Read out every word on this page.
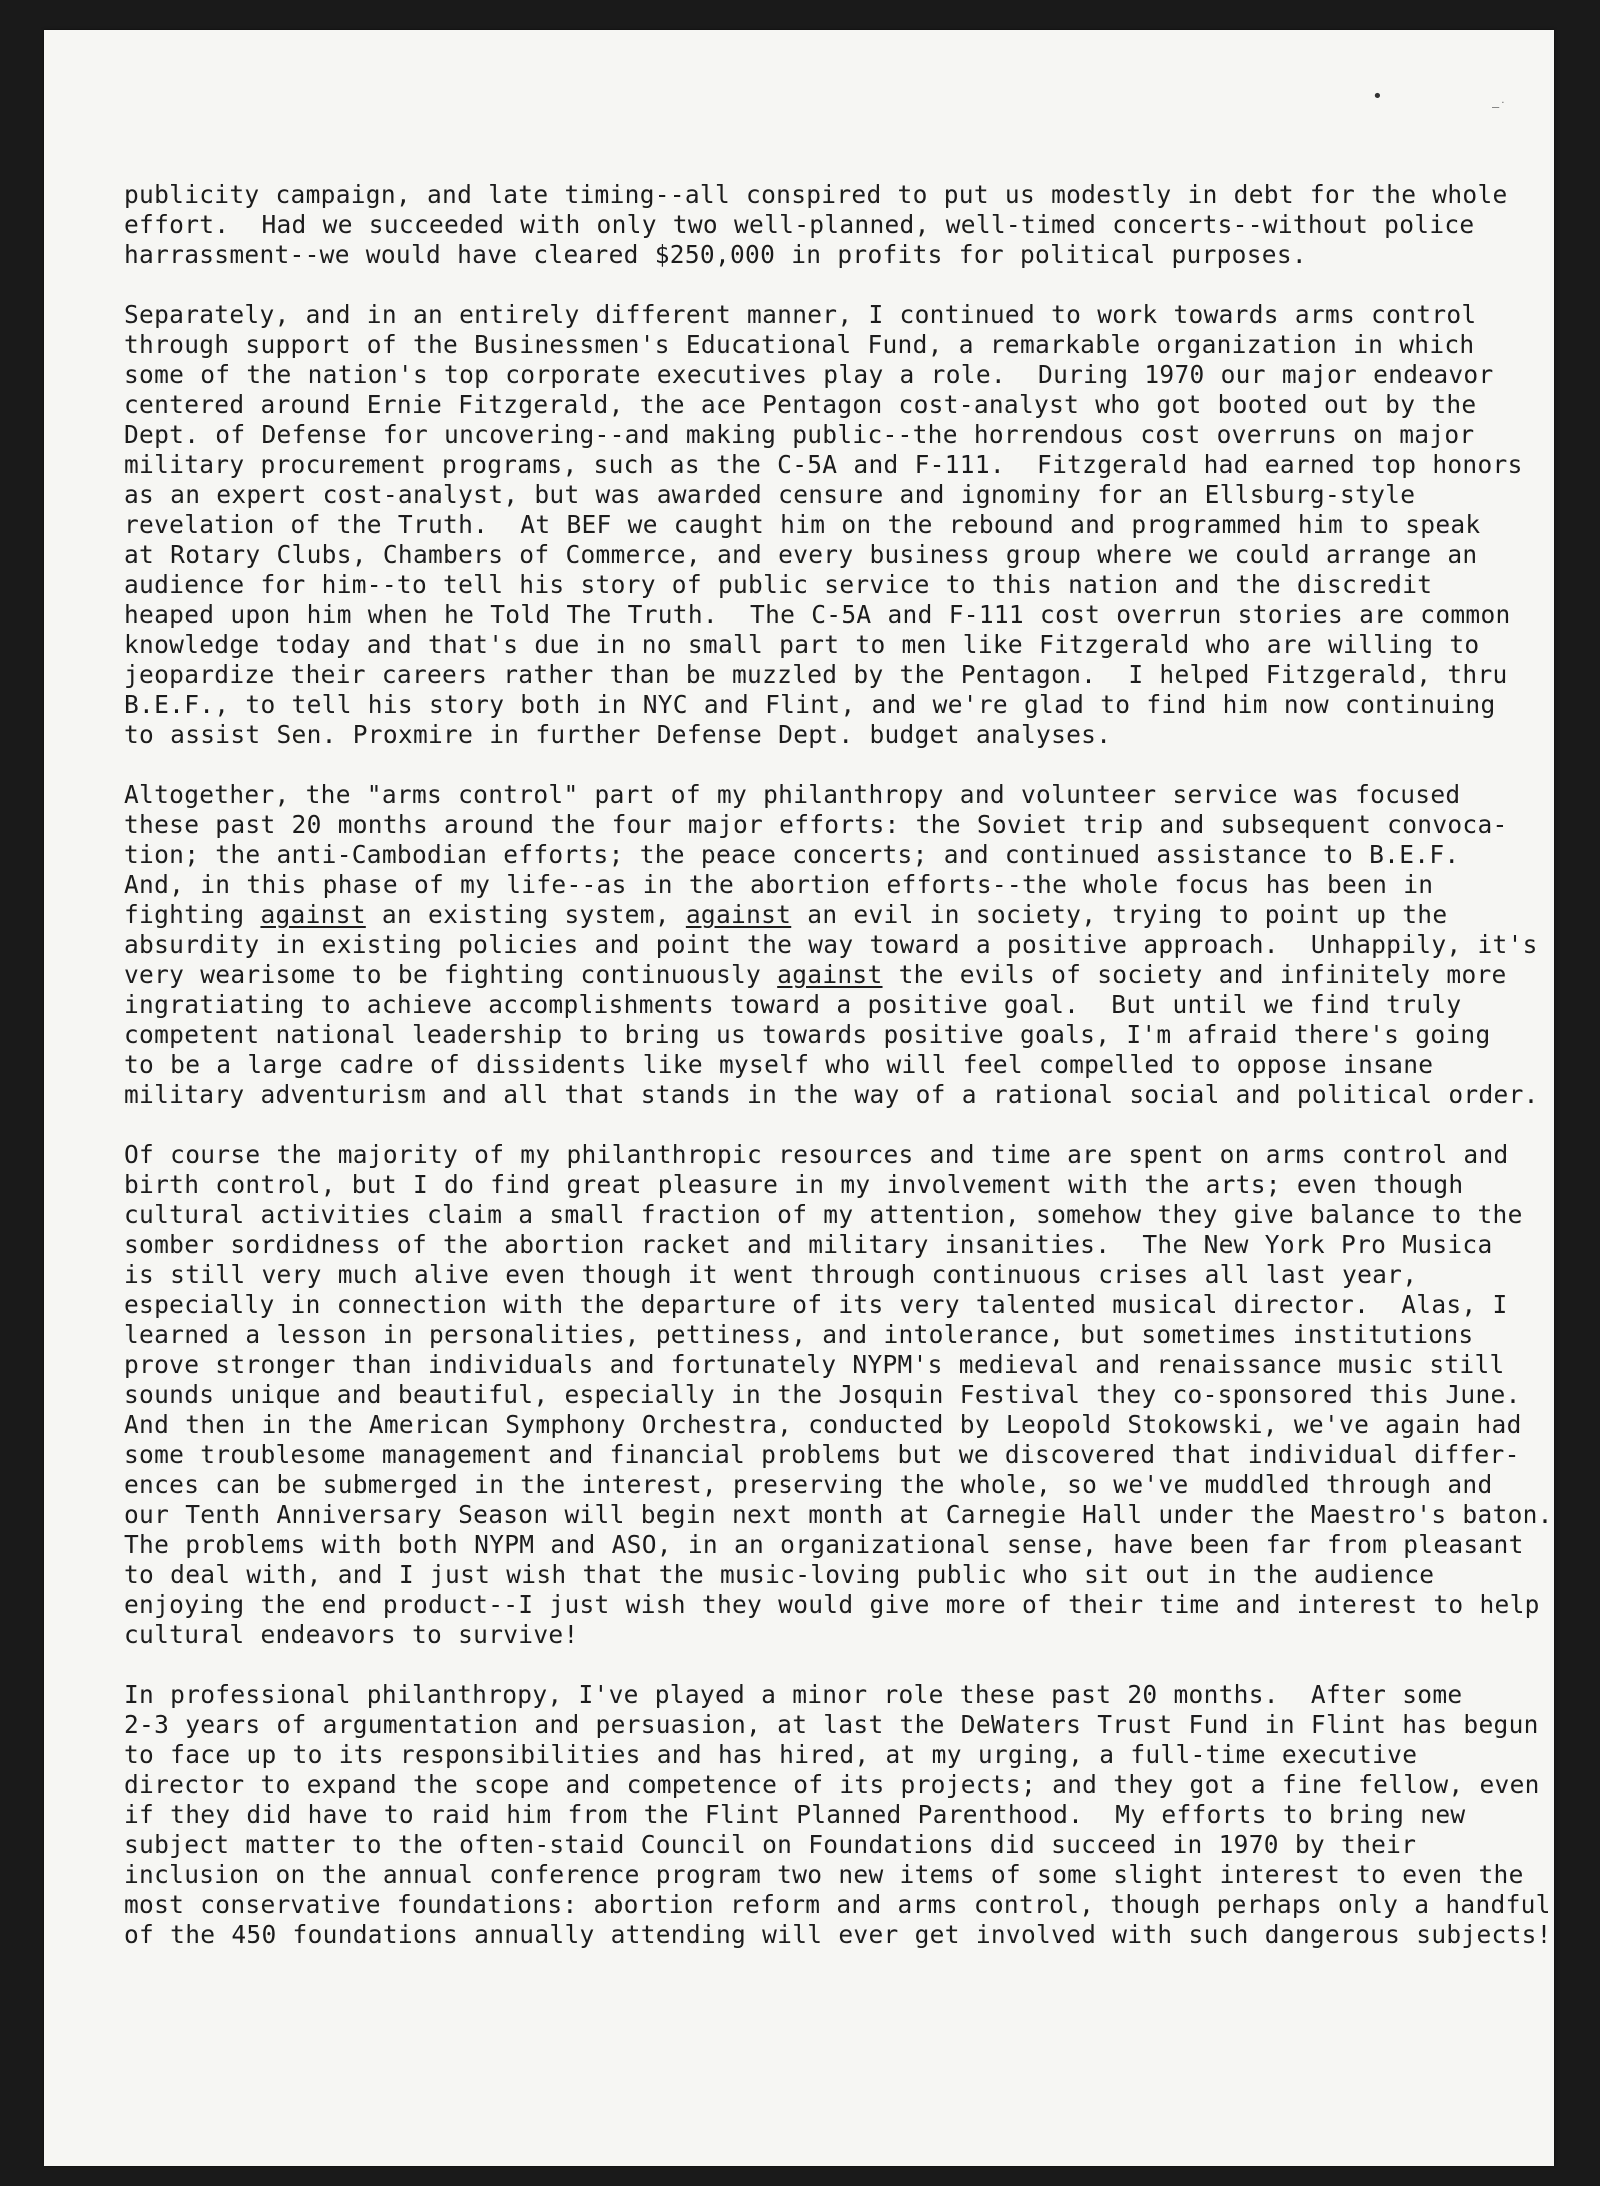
•	–˙
publicity campaign, and late timing--all conspired to put us modestly in debt for the whole
effort.  Had we succeeded with only two well-planned, well-timed concerts--without police
harrassment--we would have cleared $250,000 in profits for political purposes.
Separately, and in an entirely different manner, I continued to work towards arms control
through support of the Businessmen's Educational Fund, a remarkable organization in which
some of the nation's top corporate executives play a role.  During 1970 our major endeavor
centered around Ernie Fitzgerald, the ace Pentagon cost-analyst who got booted out by the
Dept. of Defense for uncovering--and making public--the horrendous cost overruns on major
military procurement programs, such as the C-5A and F-111.  Fitzgerald had earned top honors
as an expert cost-analyst, but was awarded censure and ignominy for an Ellsburg-style
revelation of the Truth.  At BEF we caught him on the rebound and programmed him to speak
at Rotary Clubs, Chambers of Commerce, and every business group where we could arrange an
audience for him--to tell his story of public service to this nation and the discredit
heaped upon him when he Told The Truth.  The C-5A and F-111 cost overrun stories are common
knowledge today and that's due in no small part to men like Fitzgerald who are willing to
jeopardize their careers rather than be muzzled by the Pentagon.  I helped Fitzgerald, thru
B.E.F., to tell his story both in NYC and Flint, and we're glad to find him now continuing
to assist Sen. Proxmire in further Defense Dept. budget analyses.
Altogether, the "arms control" part of my philanthropy and volunteer service was focused
these past 20 months around the four major efforts: the Soviet trip and subsequent convoca-
tion; the anti-Cambodian efforts; the peace concerts; and continued assistance to B.E.F.
And, in this phase of my life--as in the abortion efforts--the whole focus has been in
fighting against an existing system, against an evil in society, trying to point up the
absurdity in existing policies and point the way toward a positive approach.  Unhappily, it's
very wearisome to be fighting continuously against the evils of society and infinitely more
ingratiating to achieve accomplishments toward a positive goal.  But until we find truly
competent national leadership to bring us towards positive goals, I'm afraid there's going
to be a large cadre of dissidents like myself who will feel compelled to oppose insane
military adventurism and all that stands in the way of a rational social and political order.
Of course the majority of my philanthropic resources and time are spent on arms control and
birth control, but I do find great pleasure in my involvement with the arts; even though
cultural activities claim a small fraction of my attention, somehow they give balance to the
somber sordidness of the abortion racket and military insanities.  The New York Pro Musica
is still very much alive even though it went through continuous crises all last year,
especially in connection with the departure of its very talented musical director.  Alas, I
learned a lesson in personalities, pettiness, and intolerance, but sometimes institutions
prove stronger than individuals and fortunately NYPM's medieval and renaissance music still
sounds unique and beautiful, especially in the Josquin Festival they co-sponsored this June.
And then in the American Symphony Orchestra, conducted by Leopold Stokowski, we've again had
some troublesome management and financial problems but we discovered that individual differ-
ences can be submerged in the interest, preserving the whole, so we've muddled through and
our Tenth Anniversary Season will begin next month at Carnegie Hall under the Maestro's baton.
The problems with both NYPM and ASO, in an organizational sense, have been far from pleasant
to deal with, and I just wish that the music-loving public who sit out in the audience
enjoying the end product--I just wish they would give more of their time and interest to help
cultural endeavors to survive!
In professional philanthropy, I've played a minor role these past 20 months.  After some
2-3 years of argumentation and persuasion, at last the DeWaters Trust Fund in Flint has begun
to face up to its responsibilities and has hired, at my urging, a full-time executive
director to expand the scope and competence of its projects; and they got a fine fellow, even
if they did have to raid him from the Flint Planned Parenthood.  My efforts to bring new
subject matter to the often-staid Council on Foundations did succeed in 1970 by their
inclusion on the annual conference program two new items of some slight interest to even the
most conservative foundations: abortion reform and arms control, though perhaps only a handful
of the 450 foundations annually attending will ever get involved with such dangerous subjects!
